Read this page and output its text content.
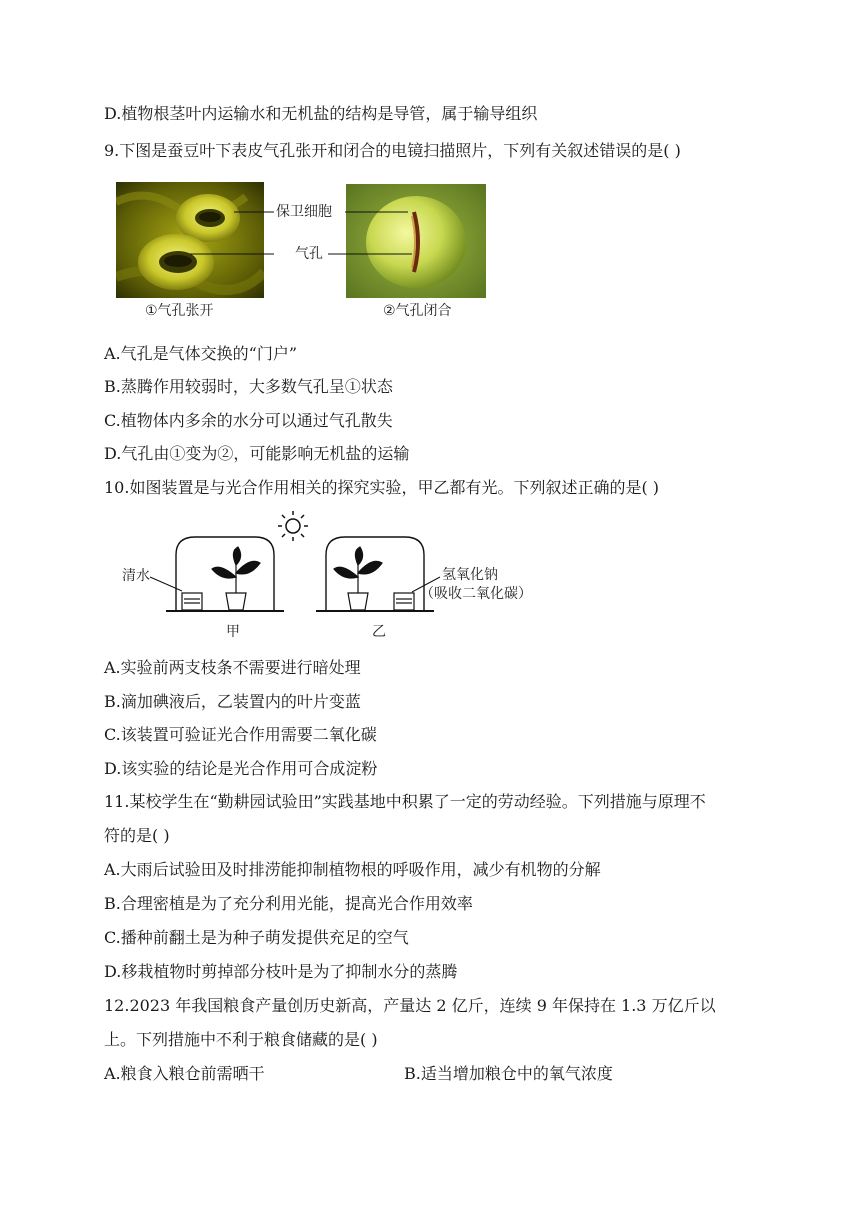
D.植物根茎叶内运输水和无机盐的结构是导管，属于输导组织
9.下图是蚕豆叶下表皮气孔张开和闭合的电镜扫描照片，下列有关叙述错误的是( )
保卫细胞
气孔
①气孔张开	②气孔闭合
A.气孔是气体交换的“门户”
B.蒸腾作用较弱时，大多数气孔呈①状态
C.植物体内多余的水分可以通过气孔散失
D.气孔由①变为②，可能影响无机盐的运输
10.如图装置是与光合作用相关的探究实验，甲乙都有光。下列叙述正确的是( )
清水	氢氧化钠
（吸收二氧化碳）
甲	乙
A.实验前两支枝条不需要进行暗处理
B.滴加碘液后，乙装置内的叶片变蓝
C.该装置可验证光合作用需要二氧化碳
D.该实验的结论是光合作用可合成淀粉
11.某校学生在“勤耕园试验田”实践基地中积累了一定的劳动经验。下列措施与原理不
符的是( )
A.大雨后试验田及时排涝能抑制植物根的呼吸作用，减少有机物的分解
B.合理密植是为了充分利用光能，提高光合作用效率
C.播种前翻土是为种子萌发提供充足的空气
D.移栽植物时剪掉部分枝叶是为了抑制水分的蒸腾
12.2023 年我国粮食产量创历史新高，产量达 2 亿斤，连续 9 年保持在 1.3 万亿斤以
上。下列措施中不利于粮食储藏的是( )
A.粮食入粮仓前需晒干	B.适当增加粮仓中的氧气浓度
